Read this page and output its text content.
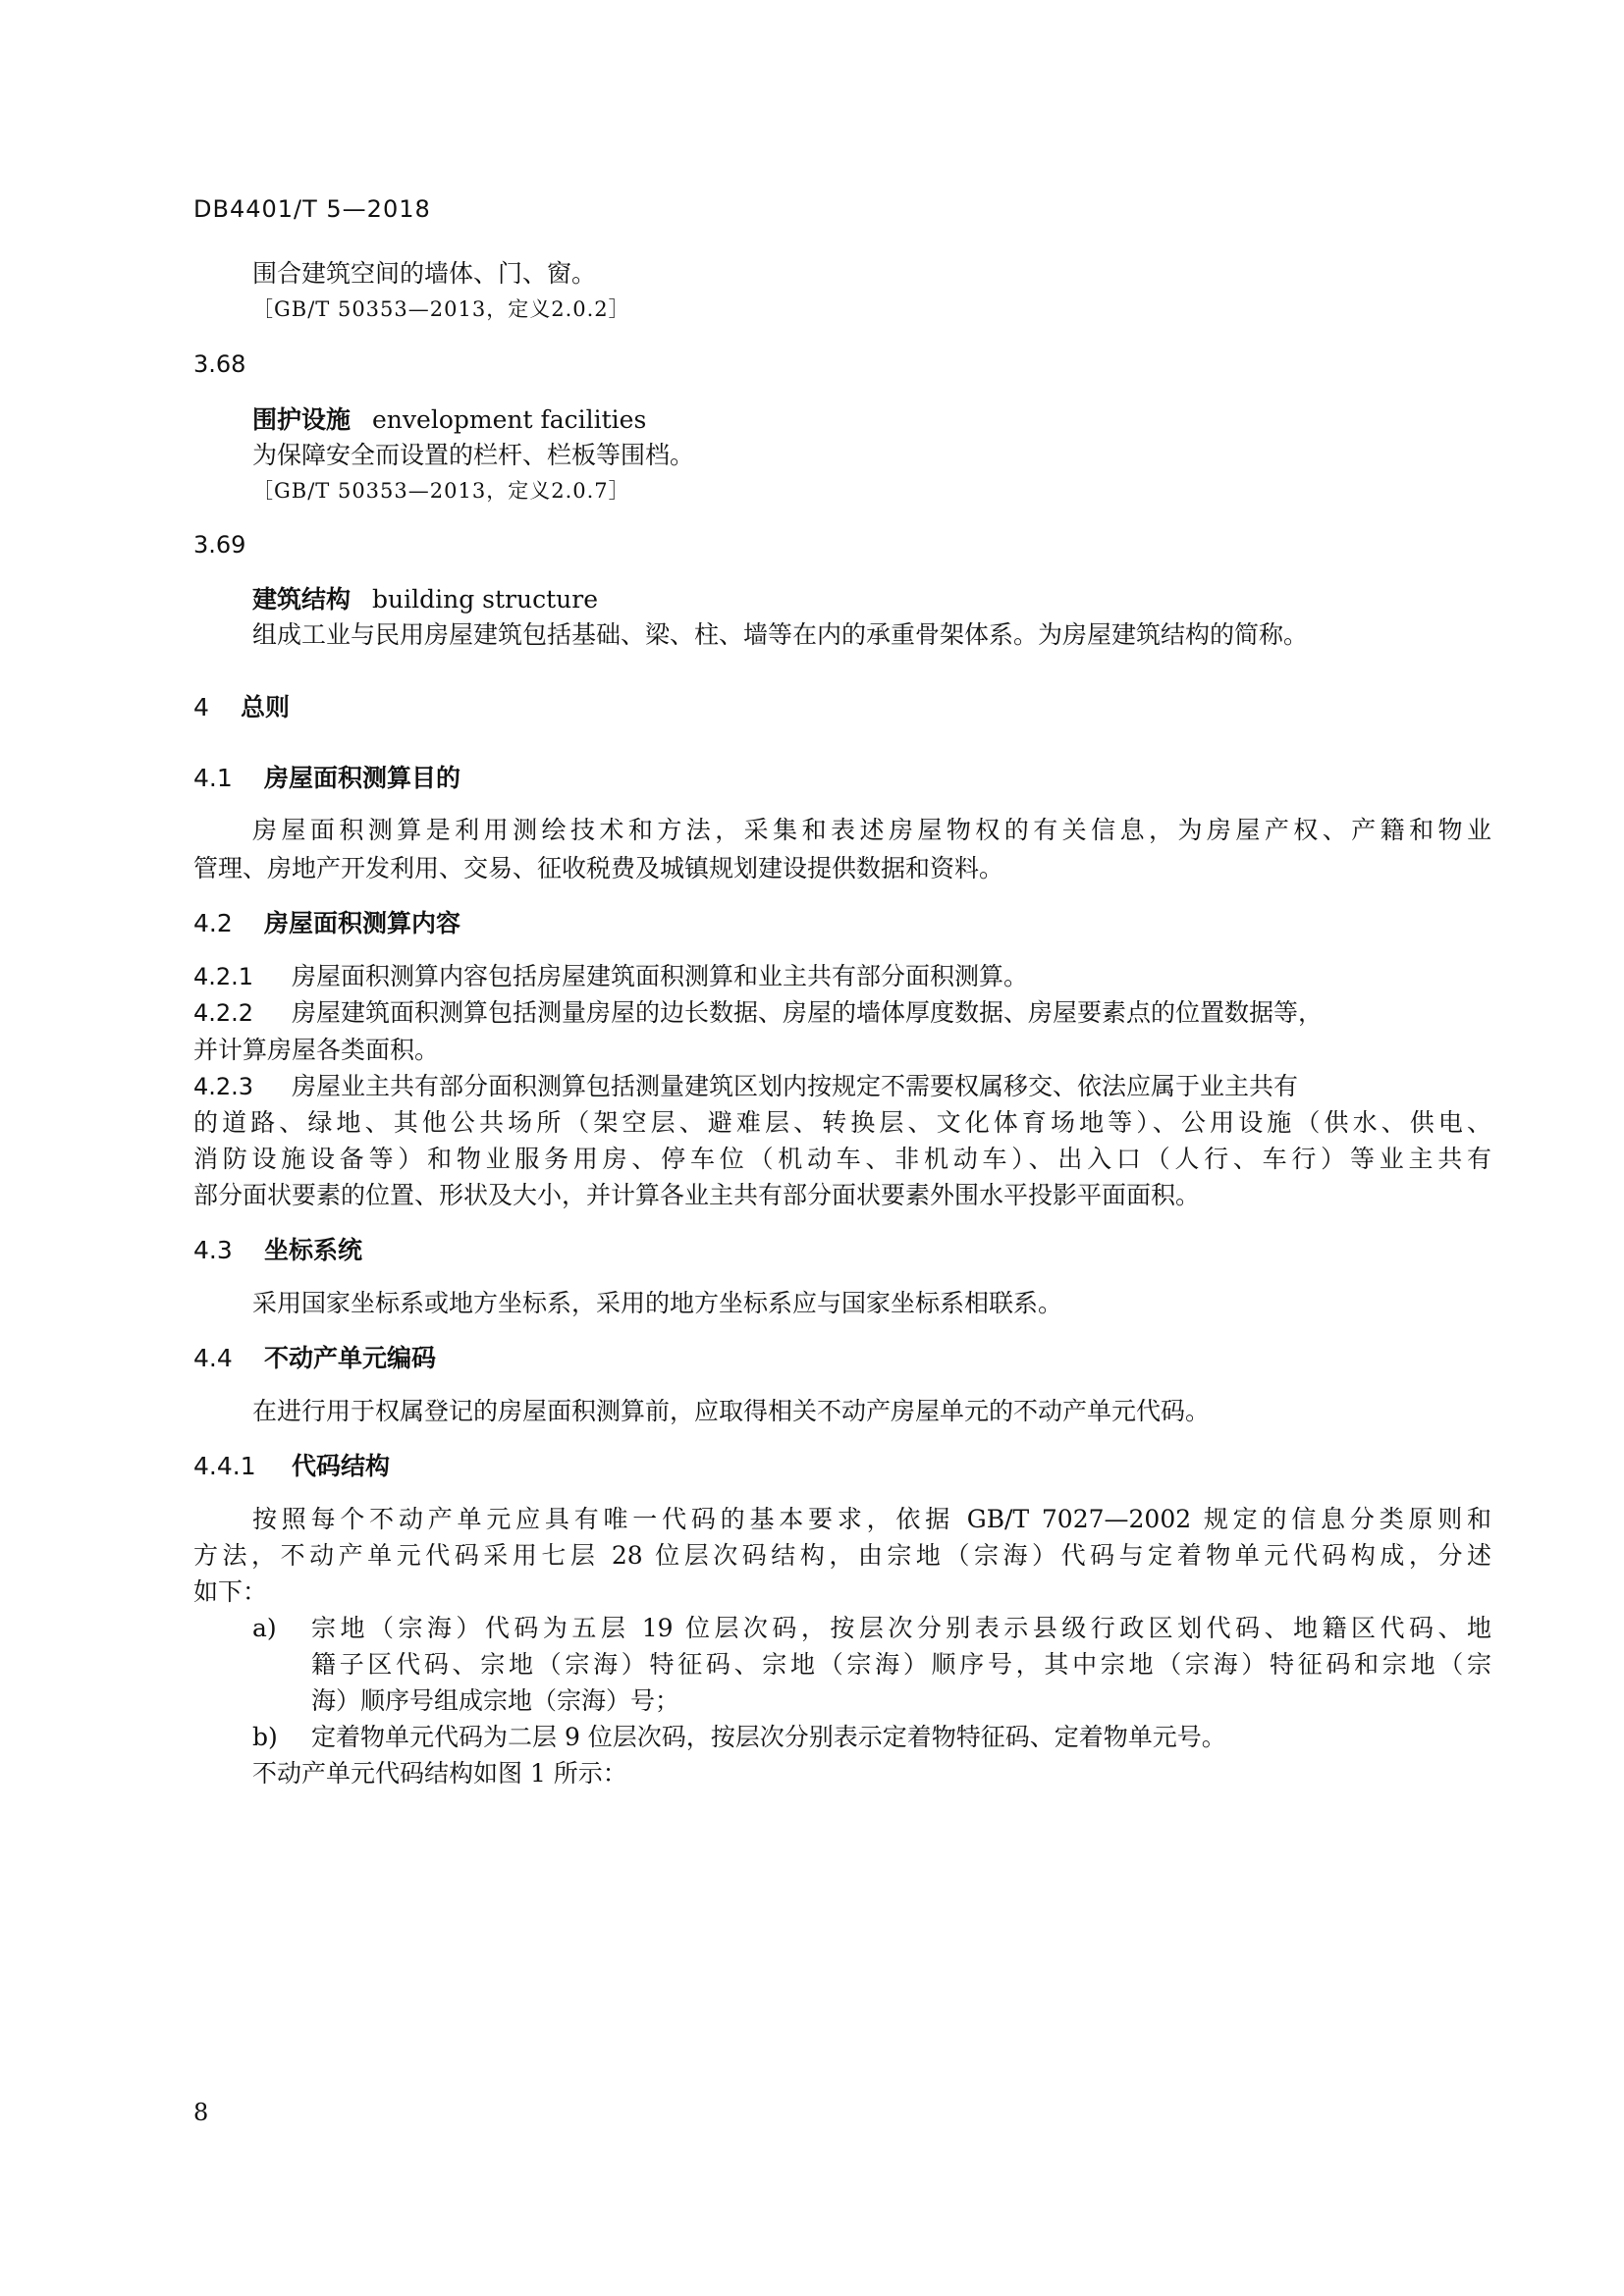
DB4401/T 5—2018
围合建筑空间的墙体、门、窗。
［GB/T 50353—2013，定义2.0.2］
3.68
围护设施 envelopment facilities
为保障安全而设置的栏杆、栏板等围档。
［GB/T 50353—2013，定义2.0.7］
3.69
建筑结构 building structure
组成工业与民用房屋建筑包括基础、梁、柱、墙等在内的承重骨架体系。为房屋建筑结构的简称。
4 总则
4.1 房屋面积测算目的
房屋面积测算是利用测绘技术和方法，采集和表述房屋物权的有关信息，为房屋产权、产籍和物业
管理、房地产开发利用、交易、征收税费及城镇规划建设提供数据和资料。
4.2 房屋面积测算内容
4.2.1 房屋面积测算内容包括房屋建筑面积测算和业主共有部分面积测算。
4.2.2 房屋建筑面积测算包括测量房屋的边长数据、房屋的墙体厚度数据、房屋要素点的位置数据等，
并计算房屋各类面积。
4.2.3 房屋业主共有部分面积测算包括测量建筑区划内按规定不需要权属移交、依法应属于业主共有
的道路、绿地、其他公共场所（架空层、避难层、转换层、文化体育场地等）、公用设施（供水、供电、
消防设施设备等）和物业服务用房、停车位（机动车、非机动车）、出入口（人行、车行）等业主共有
部分面状要素的位置、形状及大小，并计算各业主共有部分面状要素外围水平投影平面面积。
4.3 坐标系统
采用国家坐标系或地方坐标系，采用的地方坐标系应与国家坐标系相联系。
4.4 不动产单元编码
在进行用于权属登记的房屋面积测算前，应取得相关不动产房屋单元的不动产单元代码。
4.4.1 代码结构
按照每个不动产单元应具有唯一代码的基本要求，依据 GB/T 7027—2002 规定的信息分类原则和
方法，不动产单元代码采用七层 28 位层次码结构，由宗地（宗海）代码与定着物单元代码构成，分述
如下：
a) 宗地（宗海）代码为五层 19 位层次码，按层次分别表示县级行政区划代码、地籍区代码、地
籍子区代码、宗地（宗海）特征码、宗地（宗海）顺序号，其中宗地（宗海）特征码和宗地（宗
海）顺序号组成宗地（宗海）号；
b) 定着物单元代码为二层 9 位层次码，按层次分别表示定着物特征码、定着物单元号。
不动产单元代码结构如图 1 所示：
8
